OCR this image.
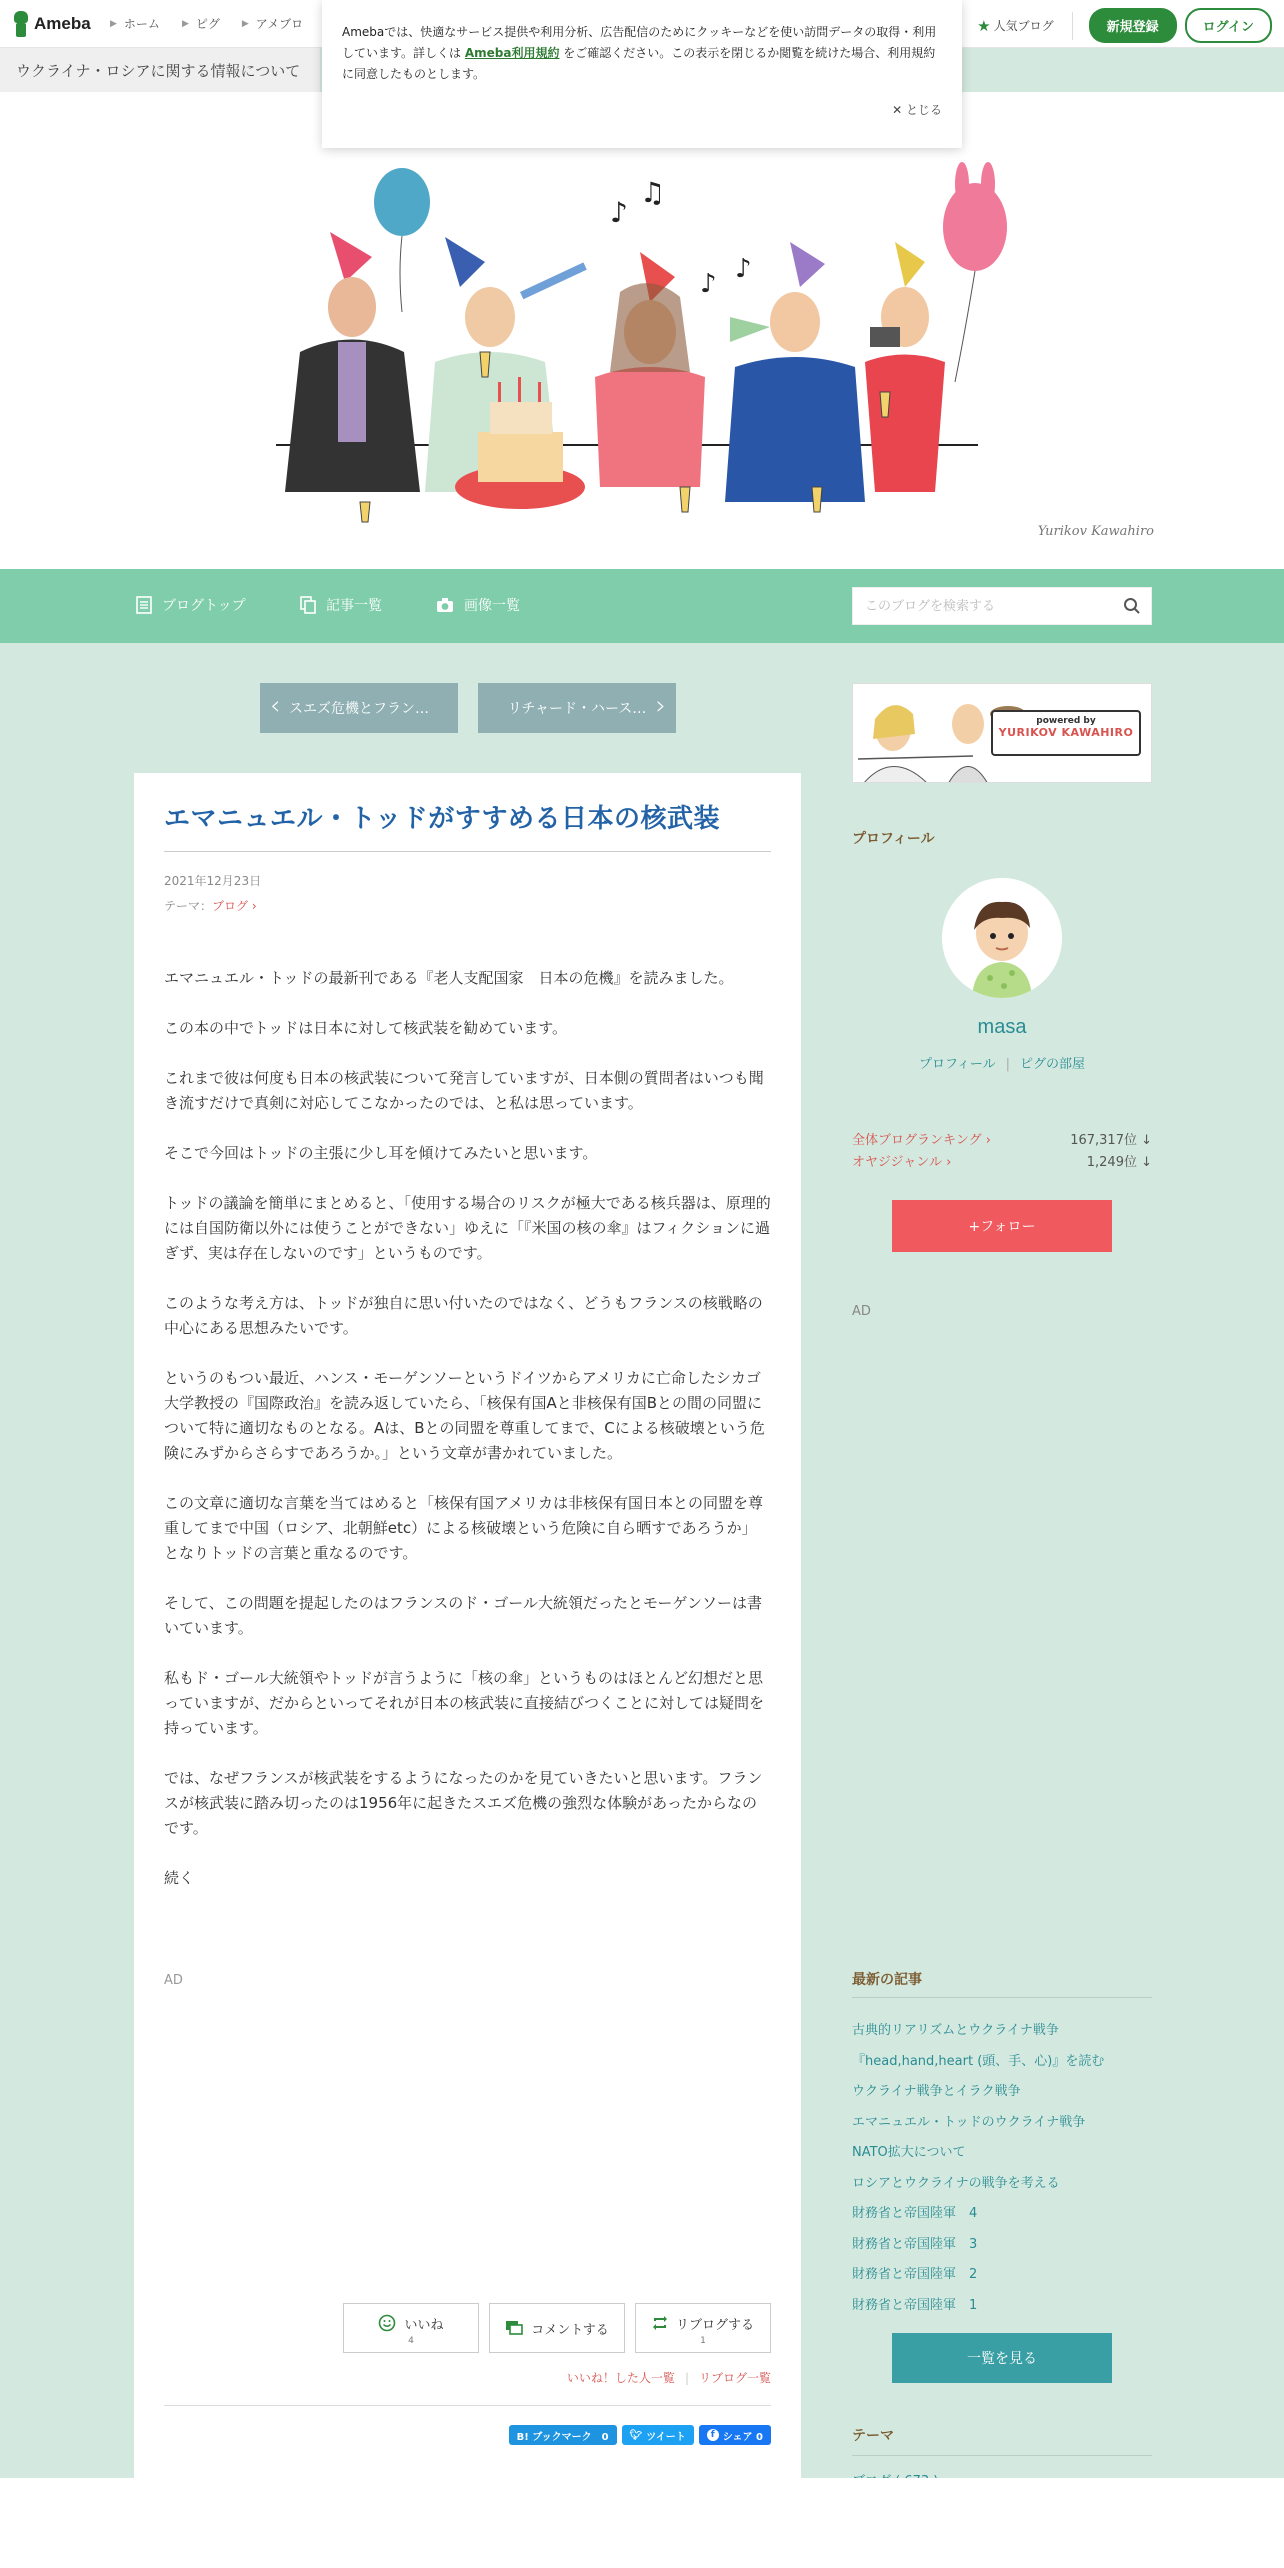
Ameba ▶ ホーム ▶ ピグ ▶ アメブロ	★ 人気ブログ	新規登録	ログイン
ウクライナ・ロシアに関する情報について
Amebaでは、快適なサービス提供や利用分析、広告配信のためにクッキーなどを使い訪問データの取得・利用しています。詳しくは Ameba利用規約 をご確認ください。この表示を閉じるか閲覧を続けた場合、利用規約に同意したものとします。
✕ とじる
♪
♫
♪ ♪
Yurikov Kawahiro
ブログトップ	記事一覧	画像一覧
このブログを検索する
‹ スエズ危機とフラン…	リチャード・ハース… ›
エマニュエル・トッドがすすめる日本の核武装
2021年12月23日
テーマ：ブログ ›

エマニュエル・トッドの最新刊である『老人支配国家　日本の危機』を読みました。

この本の中でトッドは日本に対して核武装を勧めています。

これまで彼は何度も日本の核武装について発言していますが、日本側の質問者はいつも聞き流すだけで真剣に対応してこなかったのでは、と私は思っています。

そこで今回はトッドの主張に少し耳を傾けてみたいと思います。

トッドの議論を簡単にまとめると、「使用する場合のリスクが極大である核兵器は、原理的には自国防衛以外には使うことができない」ゆえに「『米国の核の傘』はフィクションに過ぎず、実は存在しないのです」というものです。

このような考え方は、トッドが独自に思い付いたのではなく、どうもフランスの核戦略の中心にある思想みたいです。

というのもつい最近、ハンス・モーゲンソーというドイツからアメリカに亡命したシカゴ大学教授の『国際政治』を読み返していたら、「核保有国Aと非核保有国Bとの間の同盟について特に適切なものとなる。Aは、Bとの同盟を尊重してまで、Cによる核破壊という危険にみずからさらすであろうか。」という文章が書かれていました。

この文章に適切な言葉を当てはめると「核保有国アメリカは非核保有国日本との同盟を尊重してまで中国（ロシア、北朝鮮etc）による核破壊という危険に自ら晒すであろうか」となりトッドの言葉と重なるのです。

そして、この問題を提起したのはフランスのド・ゴール大統領だったとモーゲンソーは書いています。

私もド・ゴール大統領やトッドが言うように「核の傘」というものはほとんど幻想だと思っていますが、だからといってそれが日本の核武装に直接結びつくことに対しては疑問を持っています。

では、なぜフランスが核武装をするようになったのかを見ていきたいと思います。フランスが核武装に踏み切ったのは1956年に起きたスエズ危機の強烈な体験があったからなのです。

続く

AD
いいね
4
コメントする	リブログする
1
いいね！した人一覧 | リブログ一覧
B! ブックマーク　0	🐦︎ ツイート	f シェア 0
powered by
YURIKOV KAWAHIRO
プロフィール
masa
プロフィール | ピグの部屋
全体ブログランキング ›	167,317位 ↓
オヤジジャンル ›	1,249位 ↓
+フォロー
AD
最新の記事
古典的リアリズムとウクライナ戦争
『head,hand,heart (頭、手、心)』を読む
ウクライナ戦争とイラク戦争
エマニュエル・トッドのウクライナ戦争
NATO拡大について
ロシアとウクライナの戦争を考える
財務省と帝国陸軍　4
財務省と帝国陸軍　3
財務省と帝国陸軍　2
財務省と帝国陸軍　1
一覧を見る
テーマ
